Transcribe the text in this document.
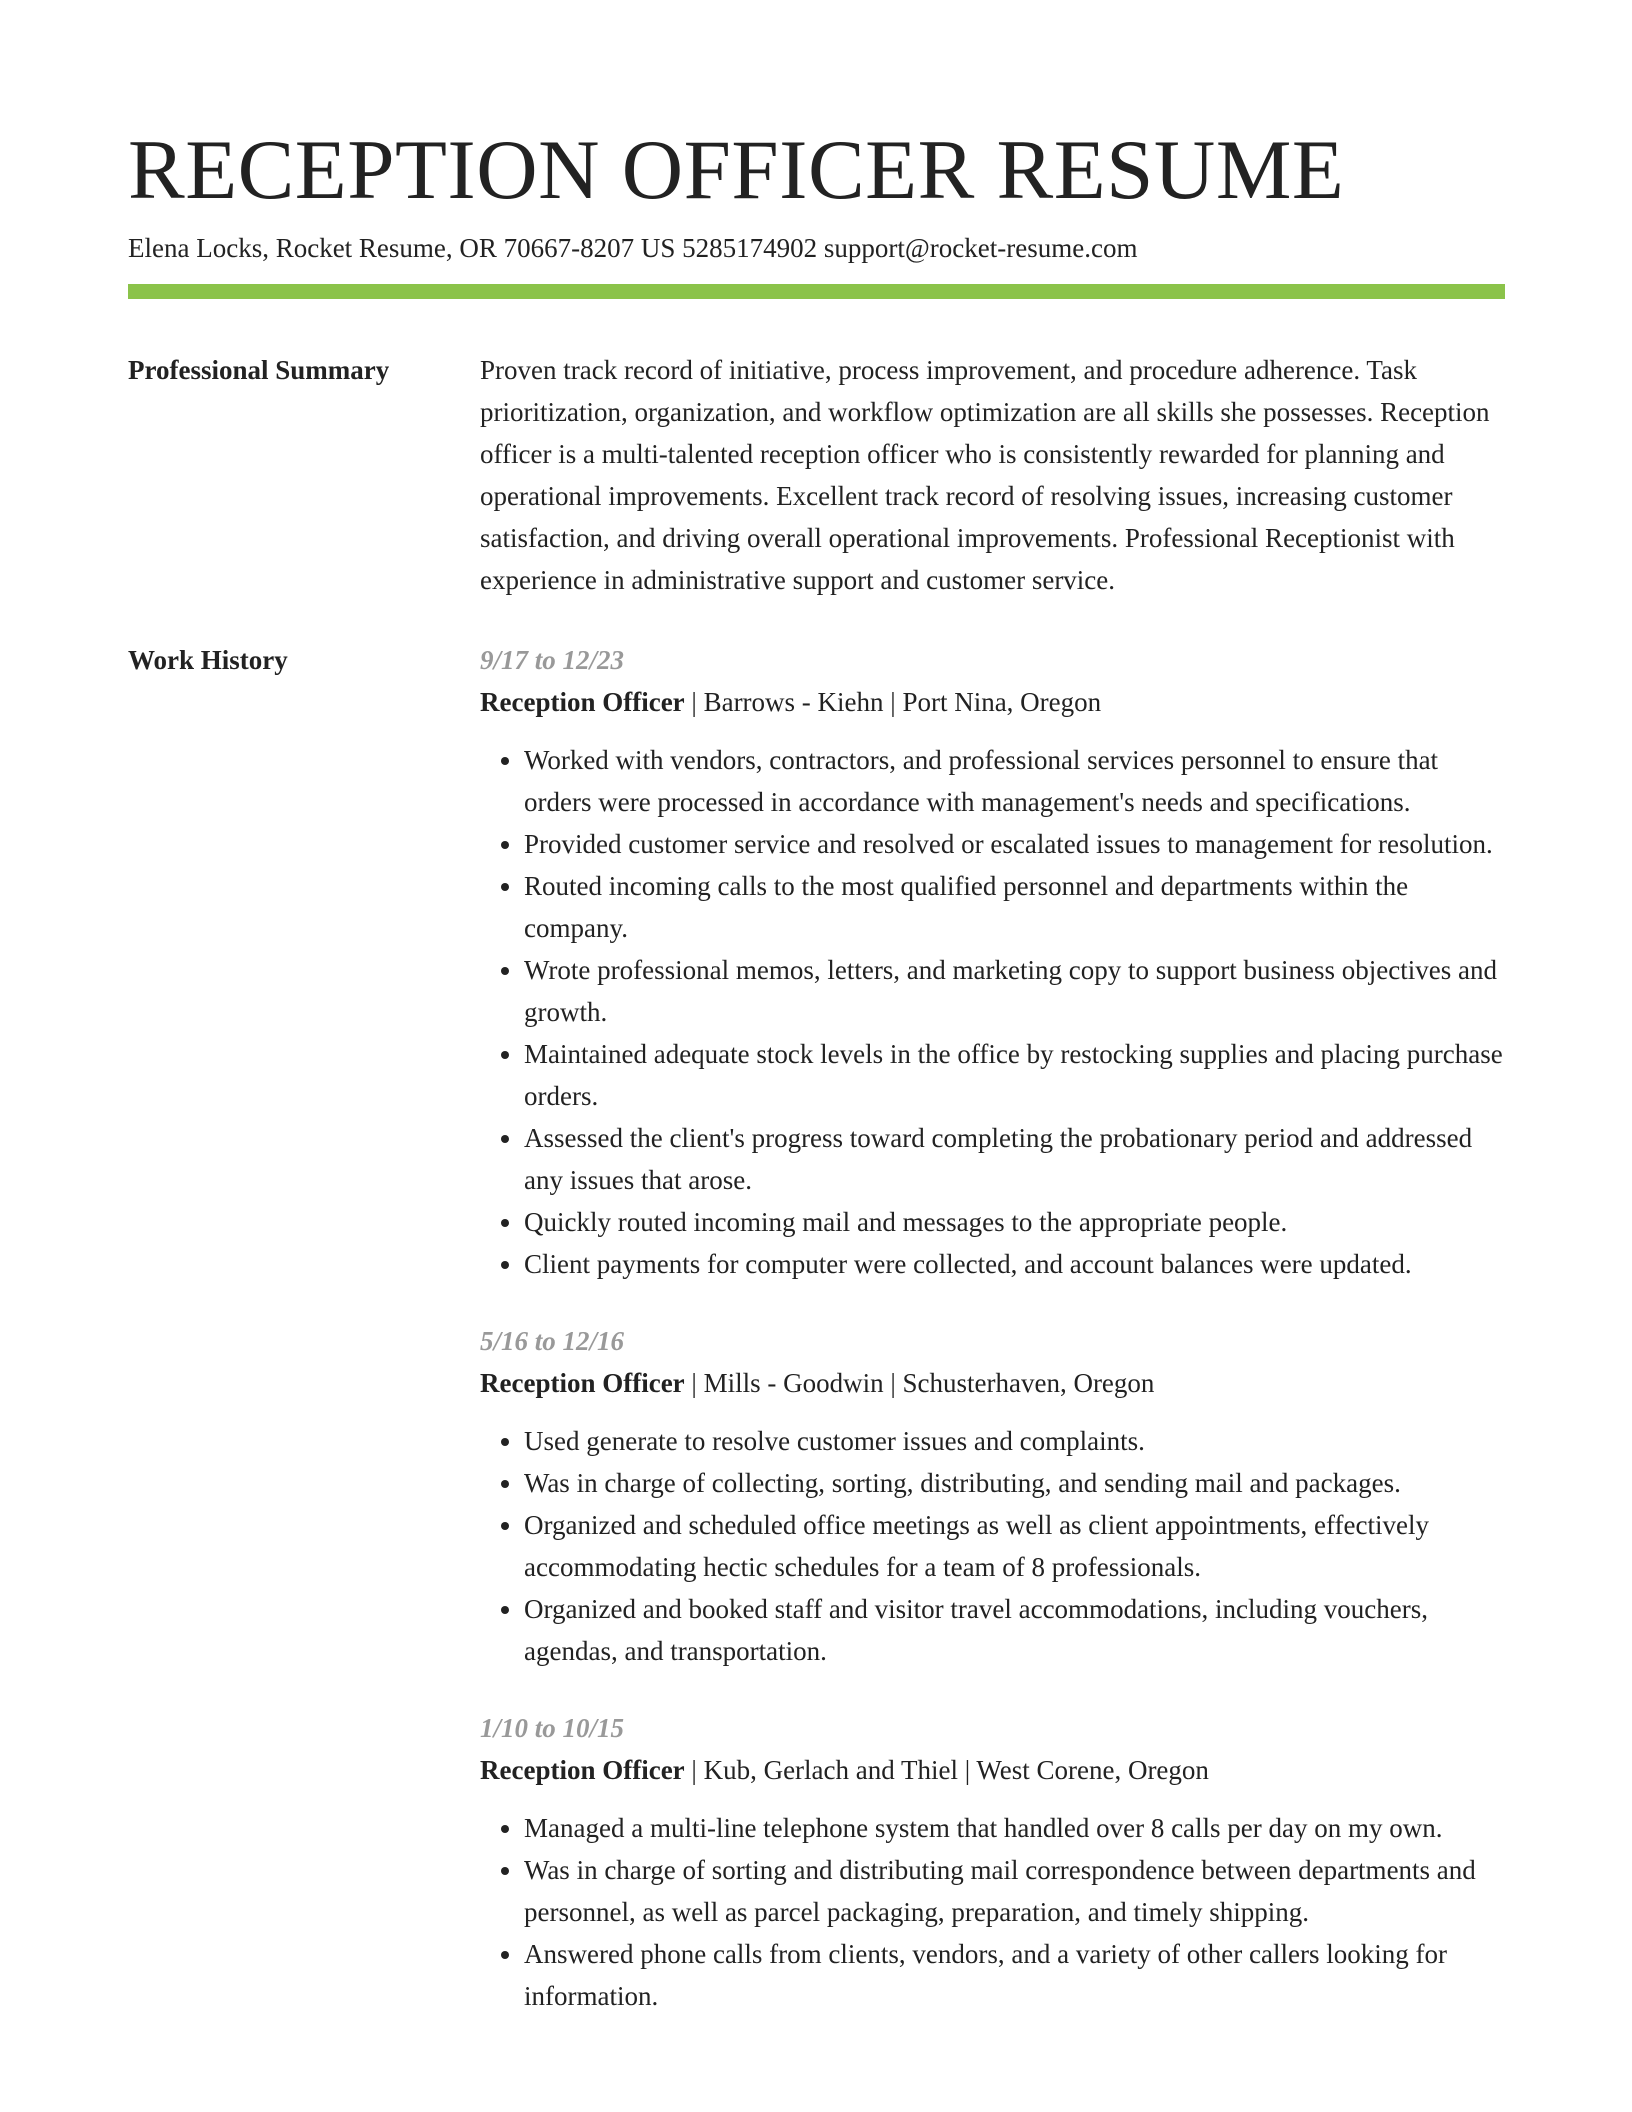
RECEPTION OFFICER RESUME
Elena Locks, Rocket Resume, OR 70667-8207 US 5285174902 support@rocket-resume.com
Professional Summary	Proven track record of initiative, process improvement, and procedure adherence. Task prioritization, organization, and workflow optimization are all skills she possesses. Reception officer is a multi-talented reception officer who is consistently rewarded for planning and operational improvements. Excellent track record of resolving issues, increasing customer satisfaction, and driving overall operational improvements. Professional Receptionist with experience in administrative support and customer service.
Work History	9/17 to 12/23
Reception Officer | Barrows - Kiehn | Port Nina, Oregon
• Worked with vendors, contractors, and professional services personnel to ensure that orders were processed in accordance with management's needs and specifications.
• Provided customer service and resolved or escalated issues to management for resolution.
• Routed incoming calls to the most qualified personnel and departments within the company.
• Wrote professional memos, letters, and marketing copy to support business objectives and growth.
• Maintained adequate stock levels in the office by restocking supplies and placing purchase orders.
• Assessed the client's progress toward completing the probationary period and addressed any issues that arose.
• Quickly routed incoming mail and messages to the appropriate people.
• Client payments for computer were collected, and account balances were updated.
5/16 to 12/16
Reception Officer | Mills - Goodwin | Schusterhaven, Oregon
• Used generate to resolve customer issues and complaints.
• Was in charge of collecting, sorting, distributing, and sending mail and packages.
• Organized and scheduled office meetings as well as client appointments, effectively accommodating hectic schedules for a team of 8 professionals.
• Organized and booked staff and visitor travel accommodations, including vouchers, agendas, and transportation.
1/10 to 10/15
Reception Officer | Kub, Gerlach and Thiel | West Corene, Oregon
• Managed a multi-line telephone system that handled over 8 calls per day on my own.
• Was in charge of sorting and distributing mail correspondence between departments and personnel, as well as parcel packaging, preparation, and timely shipping.
• Answered phone calls from clients, vendors, and a variety of other callers looking for information.
